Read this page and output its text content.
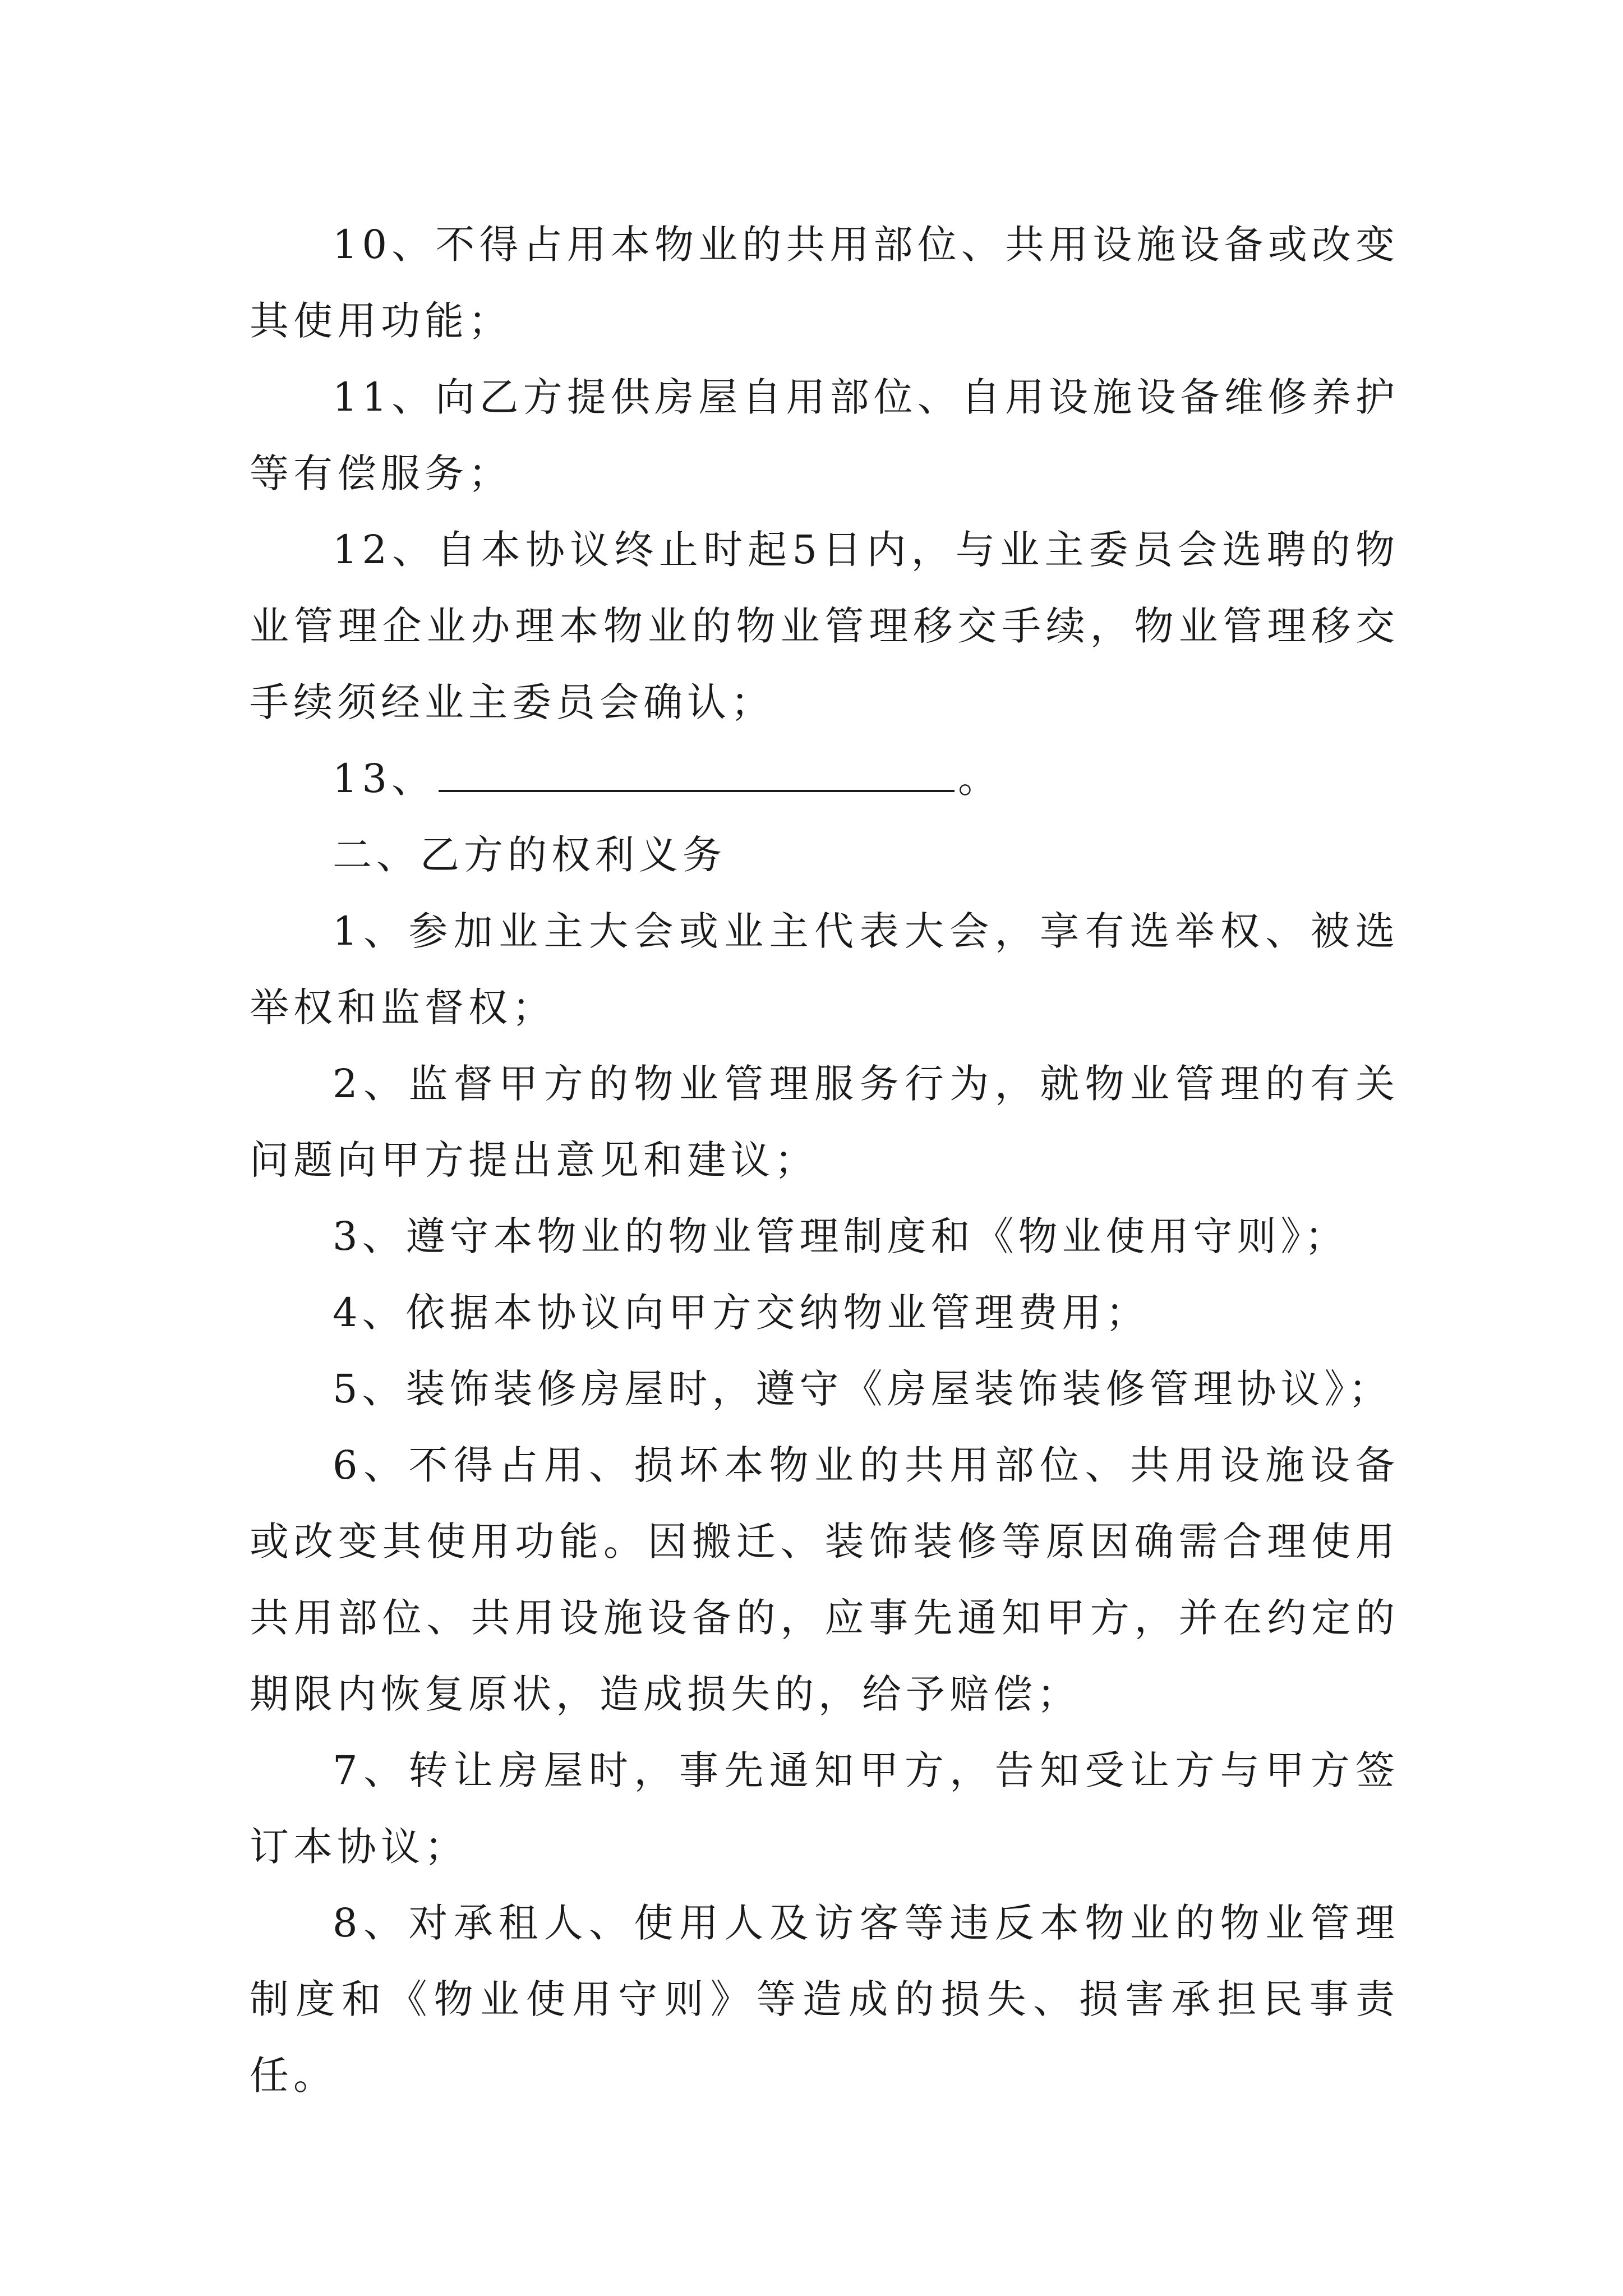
10、不得占用本物业的共用部位、共用设施设备或改变其使用功能；

11、向乙方提供房屋自用部位、自用设施设备维修养护等有偿服务；

12、自本协议终止时起5日内，与业主委员会选聘的物业管理企业办理本物业的物业管理移交手续，物业管理移交手续须经业主委员会确认；

13、	。

二、乙方的权利义务

1、参加业主大会或业主代表大会，享有选举权、被选举权和监督权；

2、监督甲方的物业管理服务行为，就物业管理的有关问题向甲方提出意见和建议；

3、遵守本物业的物业管理制度和《物业使用守则》；

4、依据本协议向甲方交纳物业管理费用；

5、装饰装修房屋时，遵守《房屋装饰装修管理协议》；

6、不得占用、损坏本物业的共用部位、共用设施设备或改变其使用功能。因搬迁、装饰装修等原因确需合理使用共用部位、共用设施设备的，应事先通知甲方，并在约定的期限内恢复原状，造成损失的，给予赔偿；

7、转让房屋时，事先通知甲方，告知受让方与甲方签订本协议；

8、对承租人、使用人及访客等违反本物业的物业管理制度和《物业使用守则》等造成的损失、损害承担民事责任。
